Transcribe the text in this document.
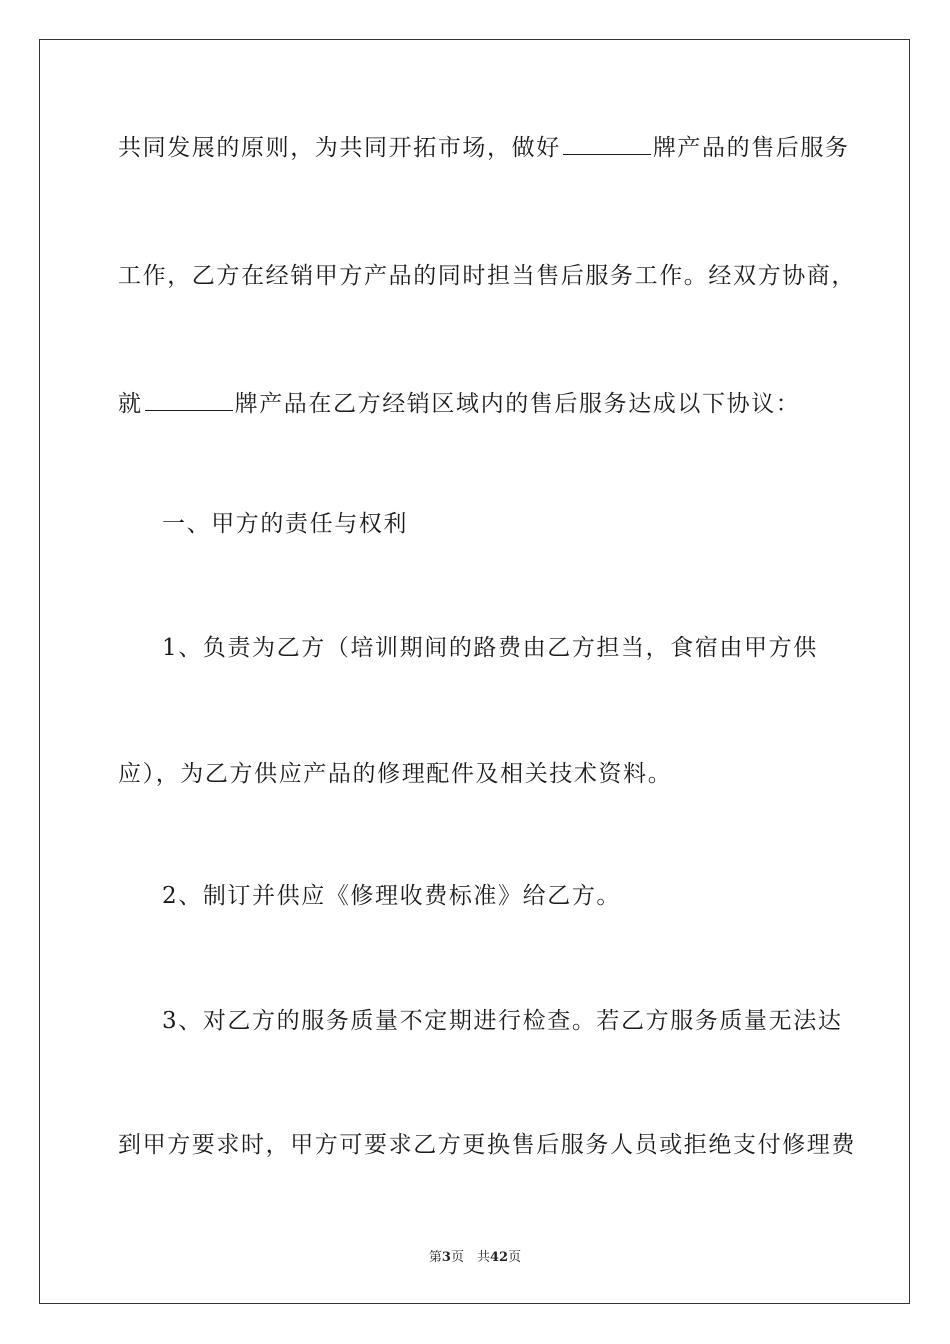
共同发展的原则，为共同开拓市场，做好	牌产品的售后服务
工作，乙方在经销甲方产品的同时担当售后服务工作。经双方协商，
就	牌产品在乙方经销区域内的售后服务达成以下协议：
一、甲方的责任与权利
1、负责为乙方（培训期间的路费由乙方担当，食宿由甲方供
应），为乙方供应产品的修理配件及相关技术资料。
2、制订并供应《修理收费标准》给乙方。
3、对乙方的服务质量不定期进行检查。若乙方服务质量无法达
到甲方要求时，甲方可要求乙方更换售后服务人员或拒绝支付修理费
第3页　共42页
